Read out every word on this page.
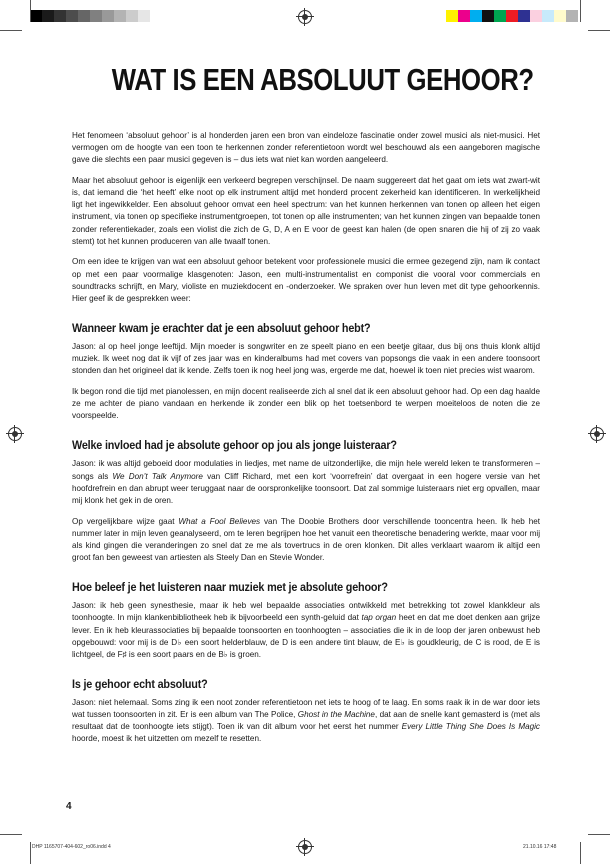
WAT IS EEN ABSOLUUT GEHOOR?

Het fenomeen ‘absoluut gehoor’ is al honderden jaren een bron van eindeloze fascinatie onder zowel musici als niet-musici. Het vermogen om de hoogte van een toon te herkennen zonder referentietoon wordt wel beschouwd als een aangeboren magische gave die slechts een paar musici gegeven is – dus iets wat niet kan worden aangeleerd.

Maar het absoluut gehoor is eigenlijk een verkeerd begrepen verschijnsel. De naam suggereert dat het gaat om iets wat zwart-wit is, dat iemand die ‘het heeft’ elke noot op elk instrument altijd met honderd procent zekerheid kan identificeren. In werkelijkheid ligt het ingewikkelder. Een absoluut gehoor omvat een heel spectrum: van het kunnen herkennen van tonen op alleen het eigen instrument, via tonen op specifieke instrumentgroepen, tot tonen op alle instrumenten; van het kunnen zingen van bepaalde tonen zonder referentiekader, zoals een violist die zich de G, D, A en E voor de geest kan halen (de open snaren die hij of zij zo vaak stemt) tot het kunnen produceren van alle twaalf tonen.

Om een idee te krijgen van wat een absoluut gehoor betekent voor professionele musici die ermee gezegend zijn, nam ik contact op met een paar voormalige klasgenoten: Jason, een multi-instrumentalist en componist die vooral voor commercials en soundtracks schrijft, en Mary, violiste en muziekdocent en -onderzoeker. We spraken over hun leven met dit type gehoorkennis. Hier geef ik de gesprekken weer:

Wanneer kwam je erachter dat je een absoluut gehoor hebt?

Jason: al op heel jonge leeftijd. Mijn moeder is songwriter en ze speelt piano en een beetje gitaar, dus bij ons thuis klonk altijd muziek. Ik weet nog dat ik vijf of zes jaar was en kinderalbums had met covers van popsongs die vaak in een andere toonsoort stonden dan het origineel dat ik kende. Zelfs toen ik nog heel jong was, ergerde me dat, hoewel ik toen niet precies wist waarom.

Ik begon rond die tijd met pianolessen, en mijn docent realiseerde zich al snel dat ik een absoluut gehoor had. Op een dag haalde ze me achter de piano vandaan en herkende ik zonder een blik op het toetsenbord te werpen moeiteloos de noten die ze voorspeelde.

Welke invloed had je absolute gehoor op jou als jonge luisteraar?

Jason: ik was altijd geboeid door modulaties in liedjes, met name de uitzonderlijke, die mijn hele wereld leken te transformeren – songs als We Don’t Talk Anymore van Cliff Richard, met een kort ‘voorrefrein’ dat overgaat in een hogere versie van het hoofdrefrein en dan abrupt weer teruggaat naar de oorspronkelijke toonsoort. Dat zal sommige luisteraars niet erg opvallen, maar mij klonk het gek in de oren.

Op vergelijkbare wijze gaat What a Fool Believes van The Doobie Brothers door verschillende tooncentra heen. Ik heb het nummer later in mijn leven geanalyseerd, om te leren begrijpen hoe het vanuit een theoretische benadering werkte, maar voor mij als kind gingen die veranderingen zo snel dat ze me als tovertrucs in de oren klonken. Dit alles verklaart waarom ik altijd een groot fan ben geweest van artiesten als Steely Dan en Stevie Wonder.

Hoe beleef je het luisteren naar muziek met je absolute gehoor?

Jason: ik heb geen synesthesie, maar ik heb wel bepaalde associaties ontwikkeld met betrekking tot zowel klankkleur als toonhoogte. In mijn klankenbibliotheek heb ik bijvoorbeeld een synth-geluid dat tap organ heet en dat me doet denken aan grijze lever. En ik heb kleurassociaties bij bepaalde toonsoorten en toonhoogten – associaties die ik in de loop der jaren onbewust heb opgebouwd: voor mij is de D♭ een soort helderblauw, de D is een andere tint blauw, de E♭ is goudkleurig, de C is rood, de E is lichtgeel, de F♯ is een soort paars en de B♭ is groen.

Is je gehoor echt absoluut?

Jason: niet helemaal. Soms zing ik een noot zonder referentietoon net iets te hoog of te laag. En soms raak ik in de war door iets wat tussen toonsoorten in zit. Er is een album van The Police, Ghost in the Machine, dat aan de snelle kant gemasterd is (met als resultaat dat de toonhoogte iets stijgt). Toen ik van dit album voor het eerst het nummer Every Little Thing She Does Is Magic hoorde, moest ik het uitzetten om mezelf te resetten.

4
DHP 1165707-404-602_ro06.indd 4	21.10.16 17:48
